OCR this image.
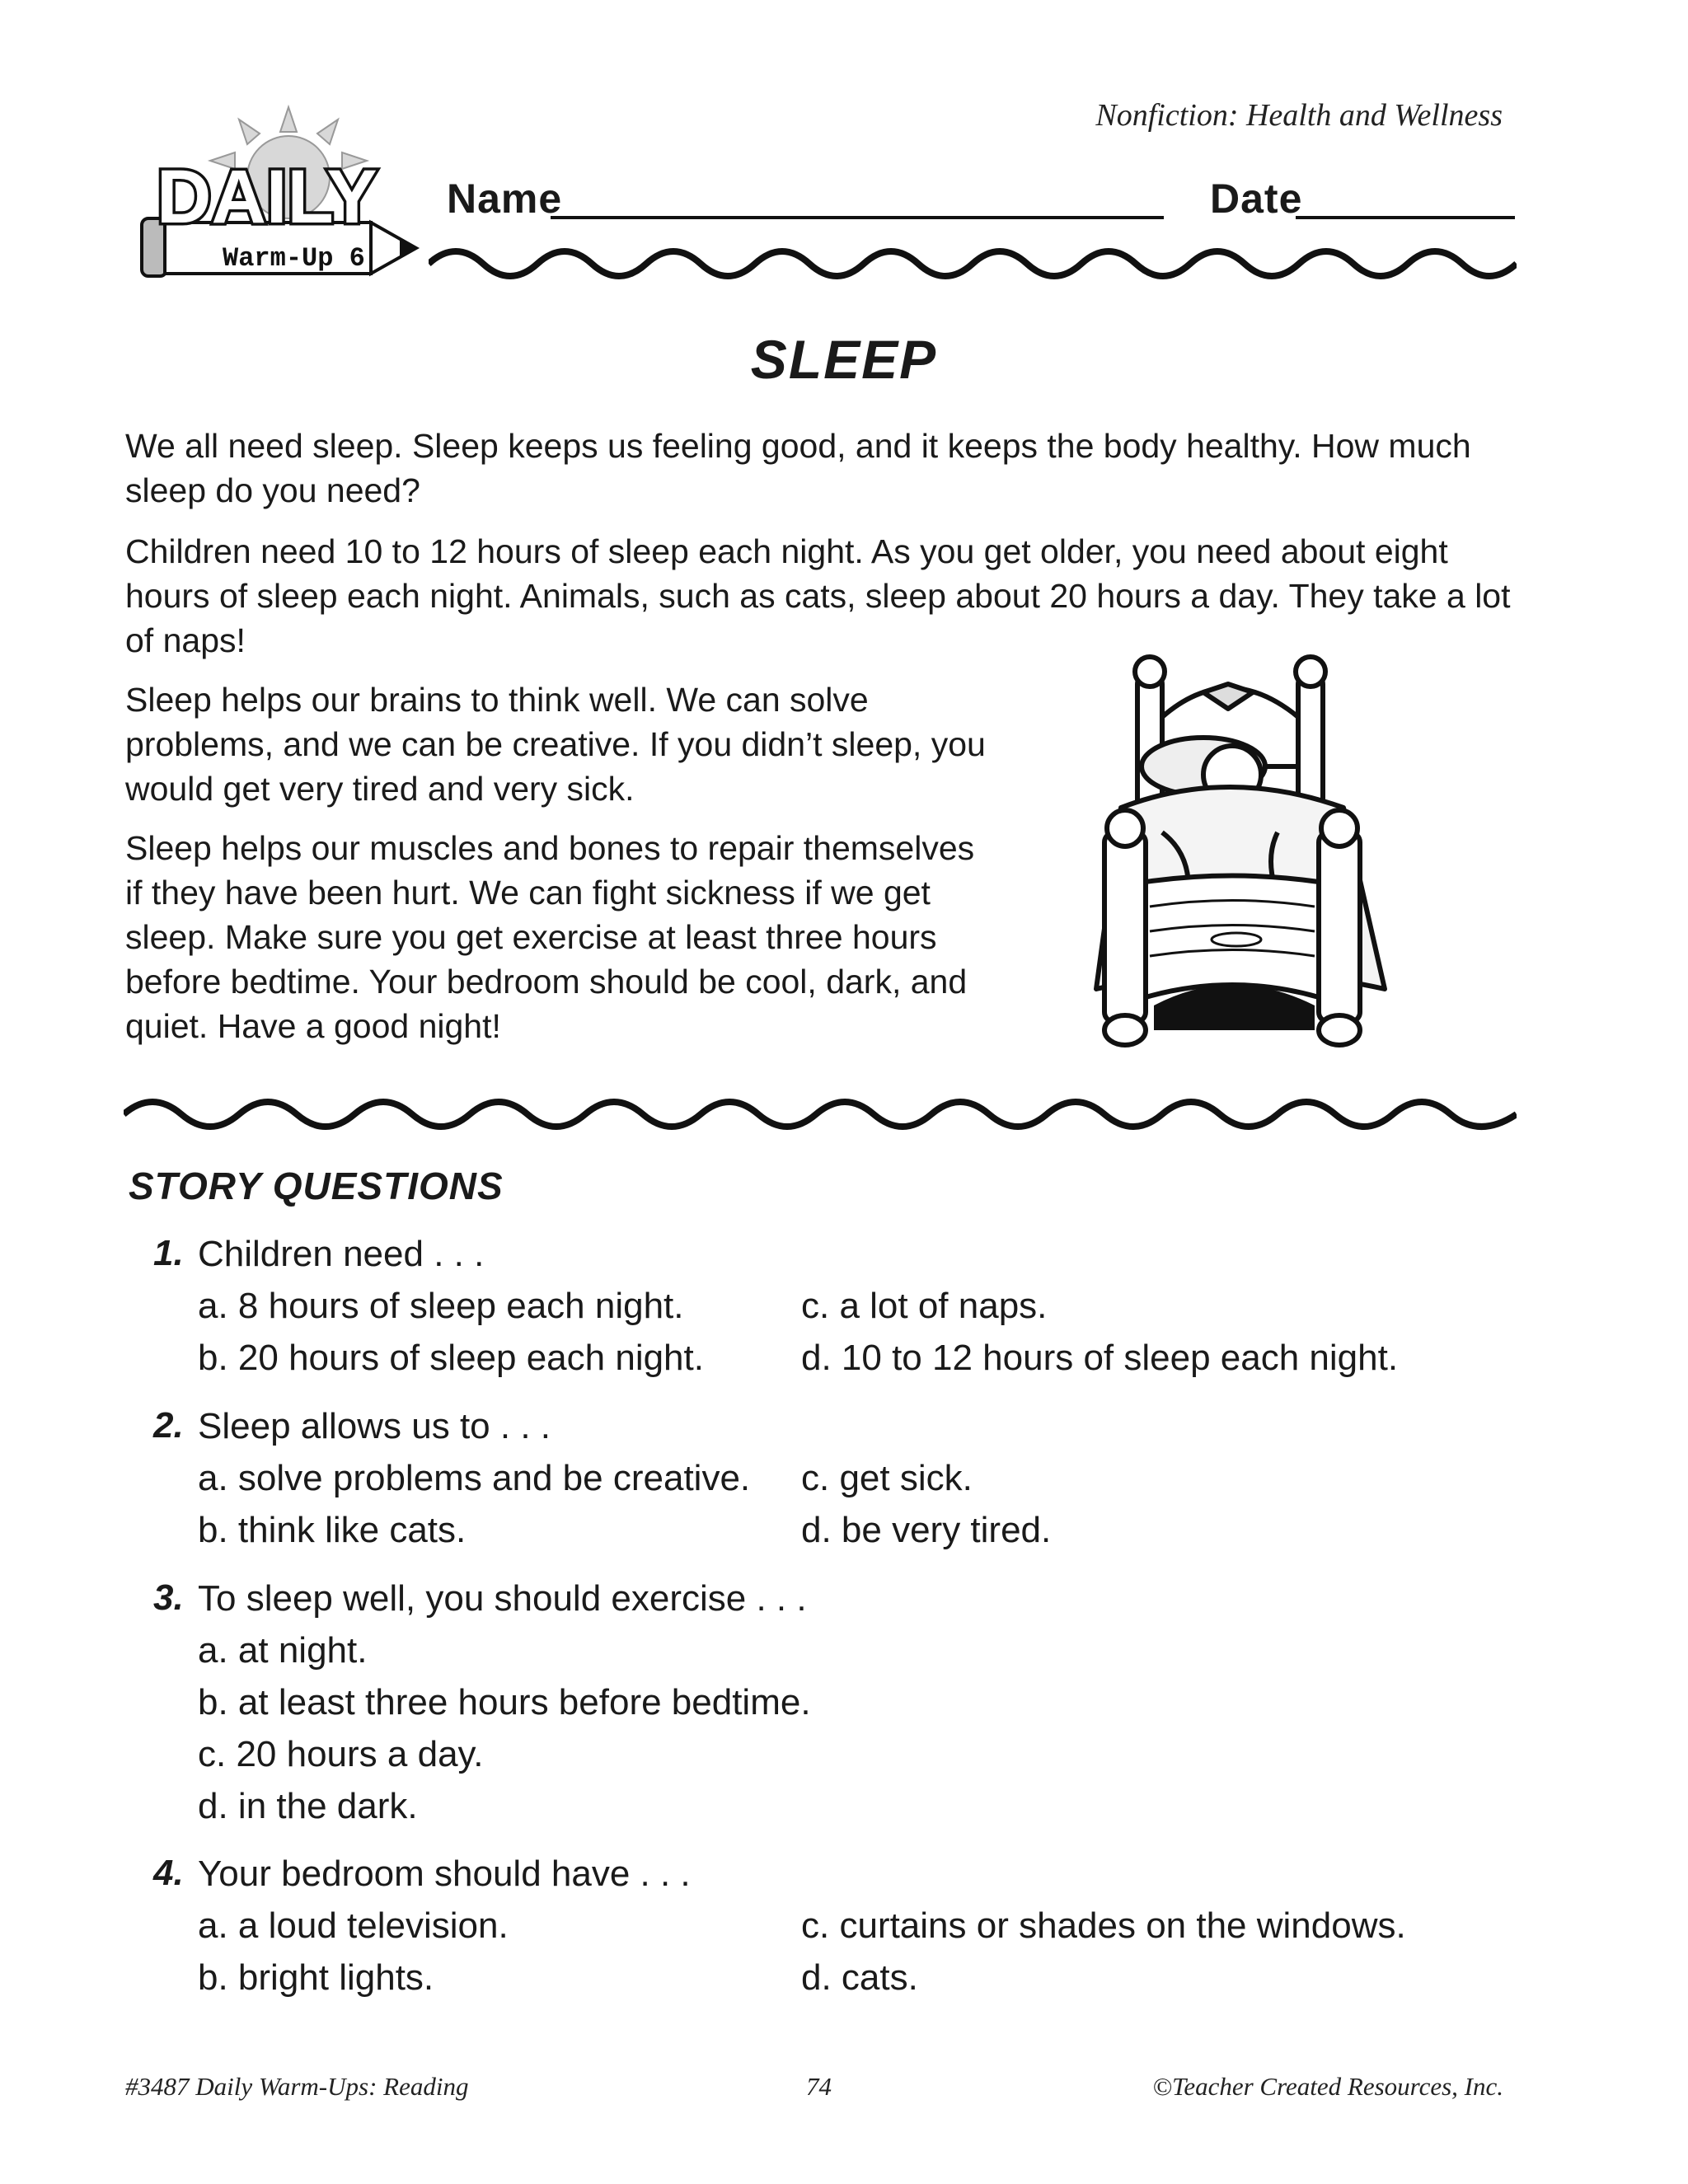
Nonfiction: Health and Wellness
DAILY
Warm-Up 6
Name	Date
SLEEP

We all need sleep. Sleep keeps us feeling good, and it keeps the body healthy. How much sleep do you need?

Children need 10 to 12 hours of sleep each night. As you get older, you need about eight hours of sleep each night. Animals, such as cats, sleep about 20 hours a day. They take a lot of naps!

Sleep helps our brains to think well. We can solve problems, and we can be creative. If you didn’t sleep, you would get very tired and very sick.

Sleep helps our muscles and bones to repair themselves if they have been hurt. We can fight sickness if we get sleep. Make sure you get exercise at least three hours before bedtime. Your bedroom should be cool, dark, and quiet. Have a good night!

STORY QUESTIONS
1. Children need . . .
a. 8 hours of sleep each night.
b. 20 hours of sleep each night.
c. a lot of naps.
d. 10 to 12 hours of sleep each night.
2. Sleep allows us to . . .
a. solve problems and be creative.
b. think like cats.
c. get sick.
d. be very tired.
3. To sleep well, you should exercise . . .
a. at night.
b. at least three hours before bedtime.
c. 20 hours a day.
d. in the dark.
4. Your bedroom should have . . .
a. a loud television.
b. bright lights.
c. curtains or shades on the windows.
d. cats.
#3487 Daily Warm-Ups: Reading	74	©Teacher Created Resources, Inc.
